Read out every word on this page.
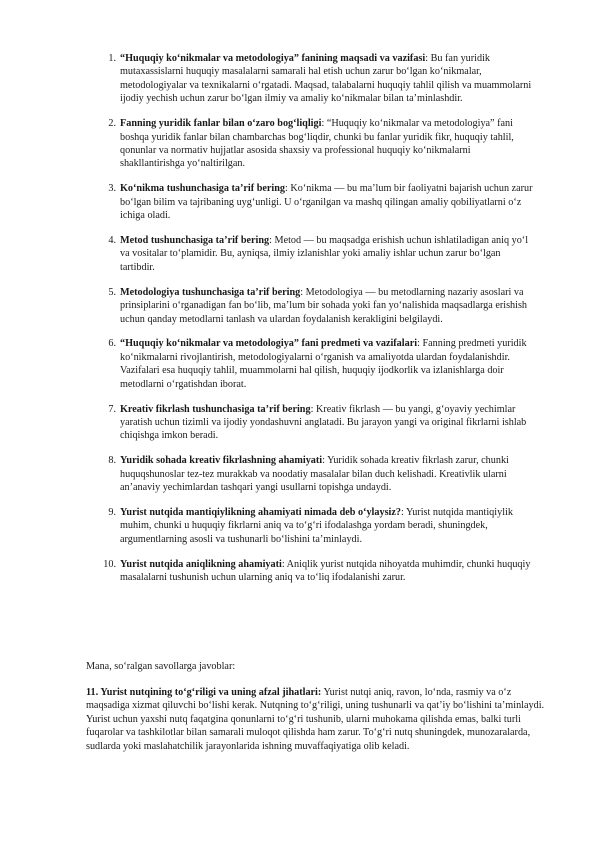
1. “Huquqiy ko‘nikmalar va metodologiya” fanining maqsadi va vazifasi: Bu fan yuridik mutaxassislarni huquqiy masalalarni samarali hal etish uchun zarur bo‘lgan ko‘nikmalar, metodologiyalar va texnikalarni o‘rgatadi. Maqsad, talabalarni huquqiy tahlil qilish va muammolarni ijodiy yechish uchun zarur bo‘lgan ilmiy va amaliy ko‘nikmalar bilan ta’minlashdir.
2. Fanning yuridik fanlar bilan o‘zaro bog‘liqligi: “Huquqiy ko‘nikmalar va metodologiya” fani boshqa yuridik fanlar bilan chambarchas bog‘liqdir, chunki bu fanlar yuridik fikr, huquqiy tahlil, qonunlar va normativ hujjatlar asosida shaxsiy va professional huquqiy ko‘nikmalarni shakllantirishga yo‘naltirilgan.
3. Ko‘nikma tushunchasiga ta’rif bering: Ko‘nikma — bu ma’lum bir faoliyatni bajarish uchun zarur bo‘lgan bilim va tajribaning uyg‘unligi. U o‘rganilgan va mashq qilingan amaliy qobiliyatlarni o‘z ichiga oladi.
4. Metod tushunchasiga ta’rif bering: Metod — bu maqsadga erishish uchun ishlatiladigan aniq yo‘l va vositalar to‘plamidir. Bu, ayniqsa, ilmiy izlanishlar yoki amaliy ishlar uchun zarur bo‘lgan tartibdir.
5. Metodologiya tushunchasiga ta’rif bering: Metodologiya — bu metodlarning nazariy asoslari va prinsiplarini o‘rganadigan fan bo‘lib, ma’lum bir sohada yoki fan yo‘nalishida maqsadlarga erishish uchun qanday metodlarni tanlash va ulardan foydalanish kerakligini belgilaydi.
6. “Huquqiy ko‘nikmalar va metodologiya” fani predmeti va vazifalari: Fanning predmeti yuridik ko‘nikmalarni rivojlantirish, metodologiyalarni o‘rganish va amaliyotda ulardan foydalanishdir. Vazifalari esa huquqiy tahlil, muammolarni hal qilish, huquqiy ijodkorlik va izlanishlarga doir metodlarni o‘rgatishdan iborat.
7. Kreativ fikrlash tushunchasiga ta’rif bering: Kreativ fikrlash — bu yangi, g‘oyaviy yechimlar yaratish uchun tizimli va ijodiy yondashuvni anglatadi. Bu jarayon yangi va original fikrlarni ishlab chiqishga imkon beradi.
8. Yuridik sohada kreativ fikrlashning ahamiyati: Yuridik sohada kreativ fikrlash zarur, chunki huquqshunoslar tez-tez murakkab va noodatiy masalalar bilan duch kelishadi. Kreativlik ularni an’anaviy yechimlardan tashqari yangi usullarni topishga undaydi.
9. Yurist nutqida mantiqiylikning ahamiyati nimada deb o‘ylaysiz?: Yurist nutqida mantiqiylik muhim, chunki u huquqiy fikrlarni aniq va to‘g‘ri ifodalashga yordam beradi, shuningdek, argumentlarning asosli va tushunarli bo‘lishini ta’minlaydi.
10. Yurist nutqida aniqlikning ahamiyati: Aniqlik yurist nutqida nihoyatda muhimdir, chunki huquqiy masalalarni tushunish uchun ularning aniq va to‘liq ifodalanishi zarur.

Mana, so‘ralgan savollarga javoblar:

11. Yurist nutqining to‘g‘riligi va uning afzal jihatlari: Yurist nutqi aniq, ravon, lo‘nda, rasmiy va o‘z maqsadiga xizmat qiluvchi bo‘lishi kerak. Nutqning to‘g‘riligi, uning tushunarli va qat’iy bo‘lishini ta’minlaydi. Yurist uchun yaxshi nutq faqatgina qonunlarni to‘g‘ri tushunib, ularni muhokama qilishda emas, balki turli fuqarolar va tashkilotlar bilan samarali muloqot qilishda ham zarur. To‘g‘ri nutq shuningdek, munozaralarda, sudlarda yoki maslahatchilik jarayonlarida ishning muvaffaqiyatiga olib keladi.
